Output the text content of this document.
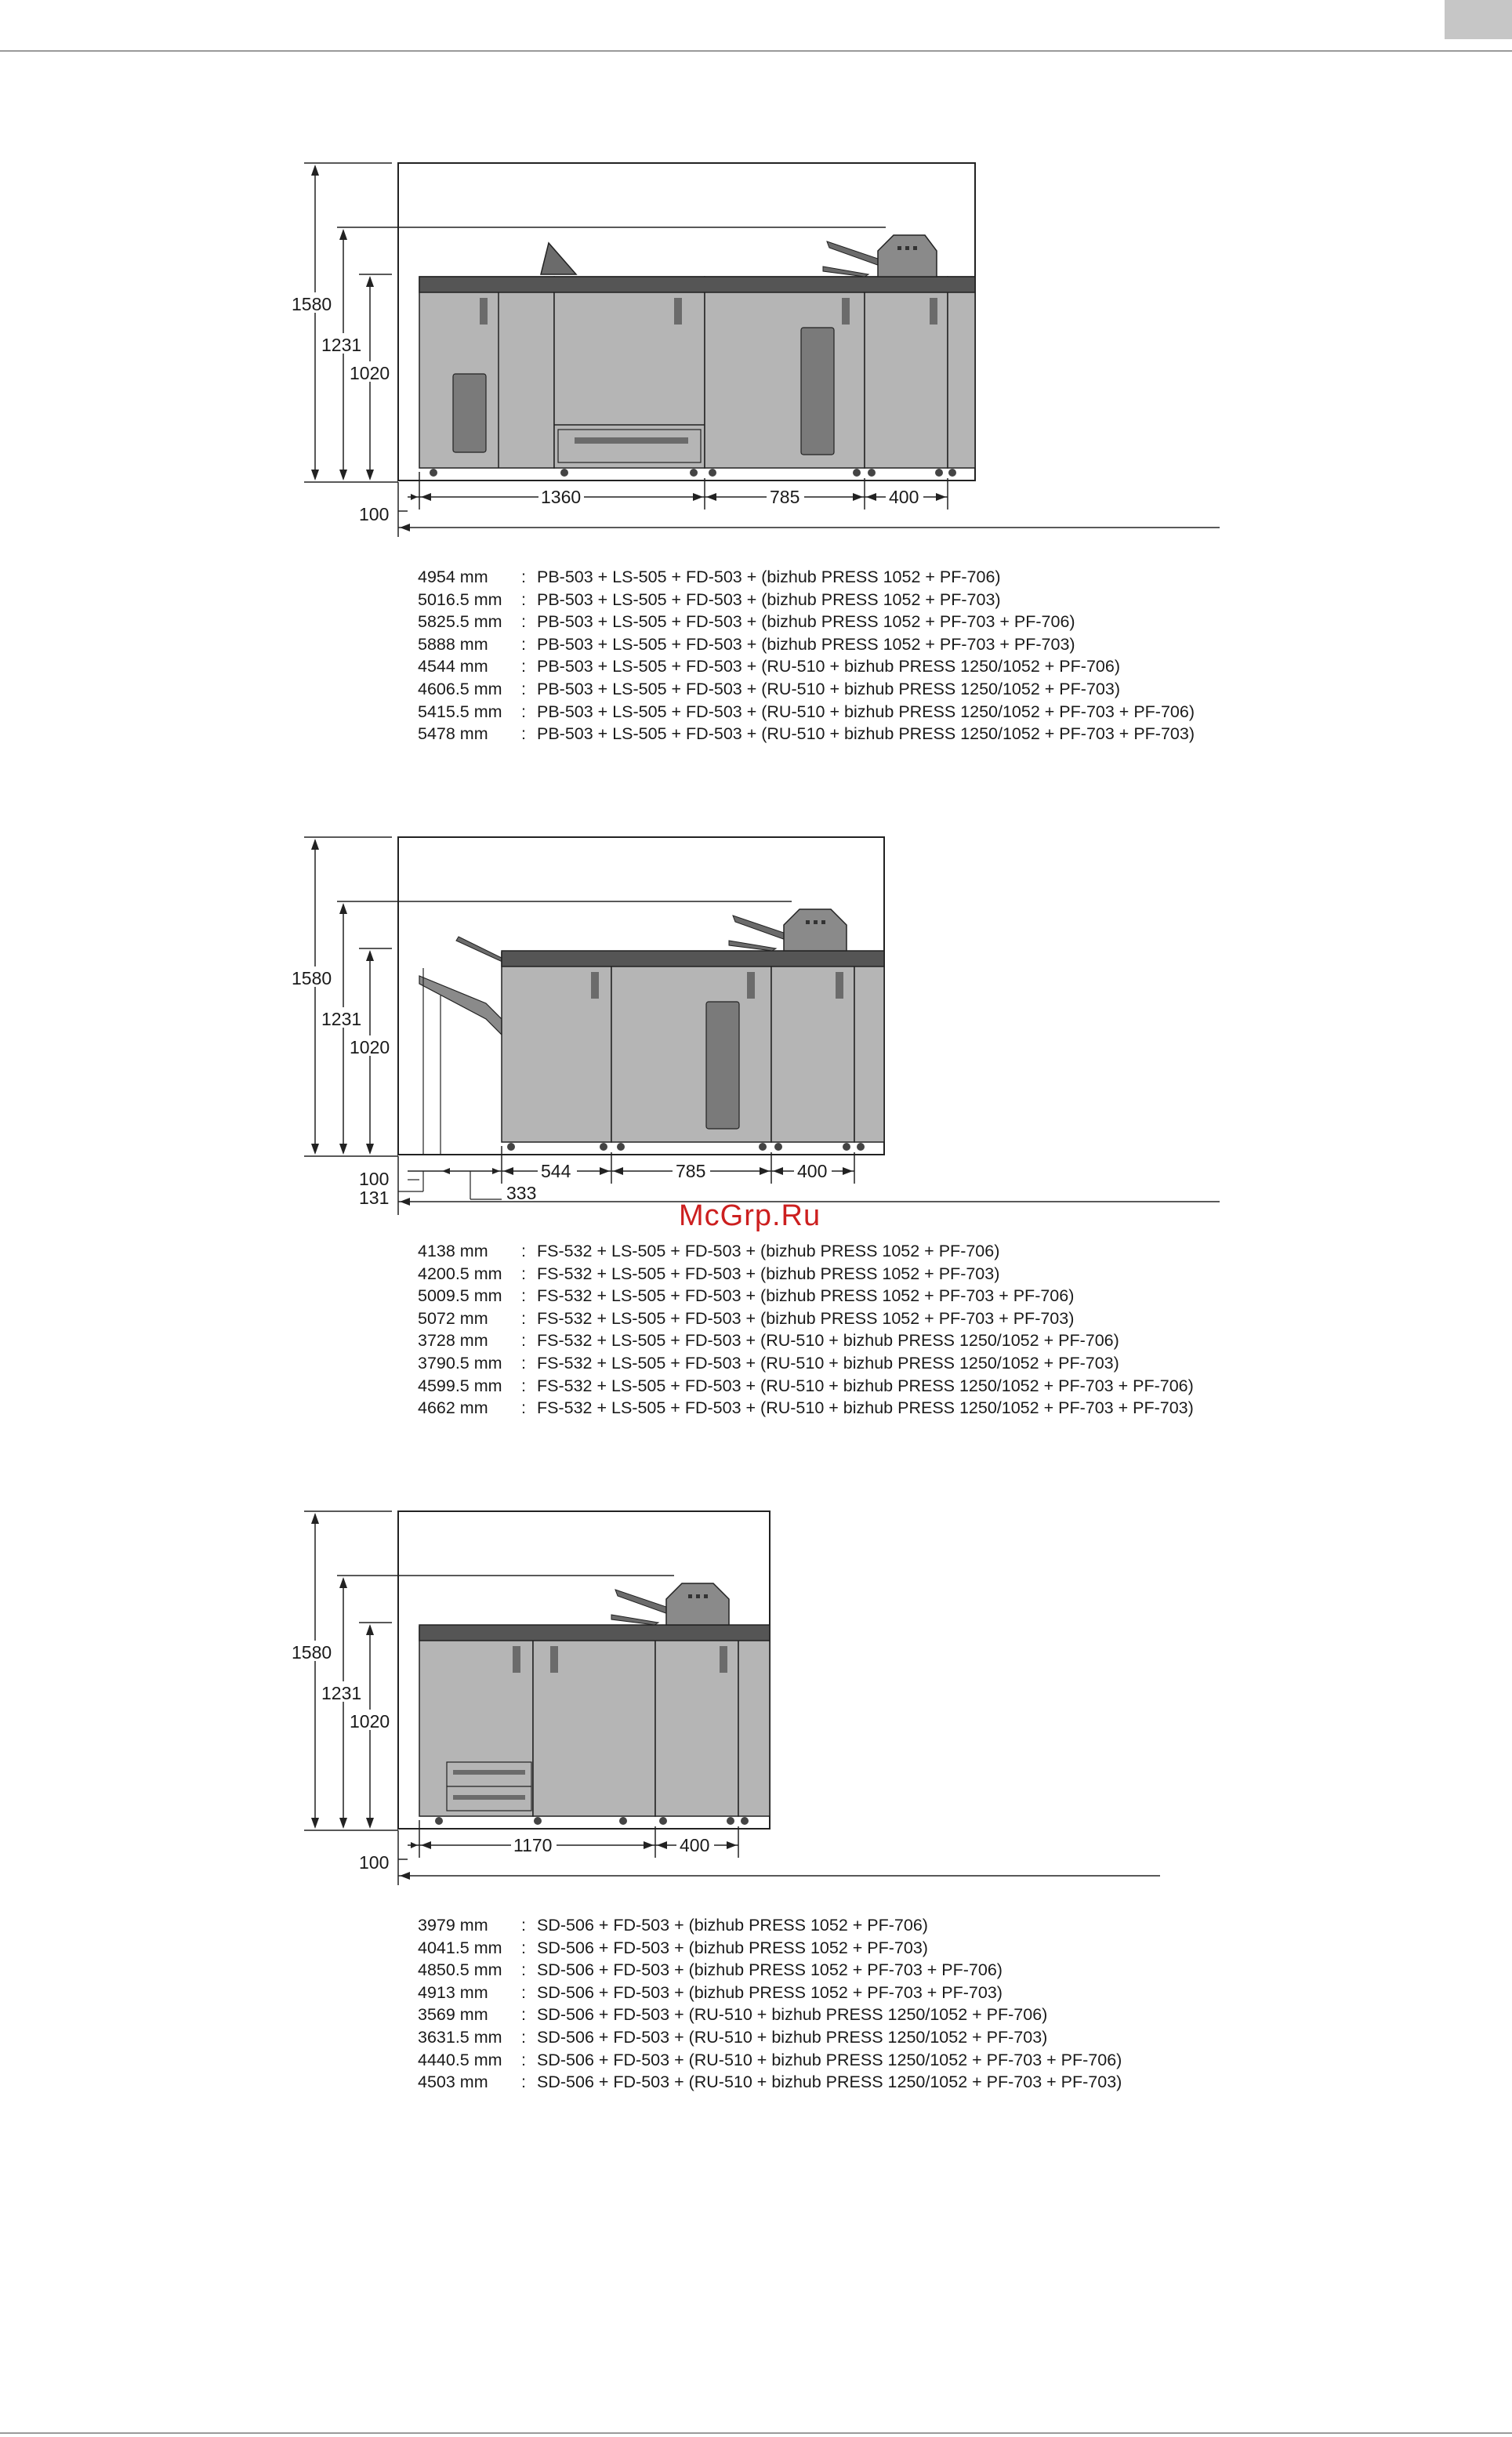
1580
1231
1020
1360	785	400
100
4954 mm	: PB-503 + LS-505 + FD-503 + (bizhub PRESS 1052 + PF-706)
5016.5 mm	: PB-503 + LS-505 + FD-503 + (bizhub PRESS 1052 + PF-703)
5825.5 mm	: PB-503 + LS-505 + FD-503 + (bizhub PRESS 1052 + PF-703 + PF-706)
5888 mm	: PB-503 + LS-505 + FD-503 + (bizhub PRESS 1052 + PF-703 + PF-703)
4544 mm	: PB-503 + LS-505 + FD-503 + (RU-510 + bizhub PRESS 1250/1052 + PF-706)
4606.5 mm	: PB-503 + LS-505 + FD-503 + (RU-510 + bizhub PRESS 1250/1052 + PF-703)
5415.5 mm	: PB-503 + LS-505 + FD-503 + (RU-510 + bizhub PRESS 1250/1052 + PF-703 + PF-706)
5478 mm	: PB-503 + LS-505 + FD-503 + (RU-510 + bizhub PRESS 1250/1052 + PF-703 + PF-703)
1580
1231
1020
544	785	400
100
131	333
McGrp.Ru
4138 mm	: FS-532 + LS-505 + FD-503 + (bizhub PRESS 1052 + PF-706)
4200.5 mm	: FS-532 + LS-505 + FD-503 + (bizhub PRESS 1052 + PF-703)
5009.5 mm	: FS-532 + LS-505 + FD-503 + (bizhub PRESS 1052 + PF-703 + PF-706)
5072 mm	: FS-532 + LS-505 + FD-503 + (bizhub PRESS 1052 + PF-703 + PF-703)
3728 mm	: FS-532 + LS-505 + FD-503 + (RU-510 + bizhub PRESS 1250/1052 + PF-706)
3790.5 mm	: FS-532 + LS-505 + FD-503 + (RU-510 + bizhub PRESS 1250/1052 + PF-703)
4599.5 mm	: FS-532 + LS-505 + FD-503 + (RU-510 + bizhub PRESS 1250/1052 + PF-703 + PF-706)
4662 mm	: FS-532 + LS-505 + FD-503 + (RU-510 + bizhub PRESS 1250/1052 + PF-703 + PF-703)
1580
1231
1020
1170	400
100
3979 mm	: SD-506 + FD-503 + (bizhub PRESS 1052 + PF-706)
4041.5 mm	: SD-506 + FD-503 + (bizhub PRESS 1052 + PF-703)
4850.5 mm	: SD-506 + FD-503 + (bizhub PRESS 1052 + PF-703 + PF-706)
4913 mm	: SD-506 + FD-503 + (bizhub PRESS 1052 + PF-703 + PF-703)
3569 mm	: SD-506 + FD-503 + (RU-510 + bizhub PRESS 1250/1052 + PF-706)
3631.5 mm	: SD-506 + FD-503 + (RU-510 + bizhub PRESS 1250/1052 + PF-703)
4440.5 mm	: SD-506 + FD-503 + (RU-510 + bizhub PRESS 1250/1052 + PF-703 + PF-706)
4503 mm	: SD-506 + FD-503 + (RU-510 + bizhub PRESS 1250/1052 + PF-703 + PF-703)
